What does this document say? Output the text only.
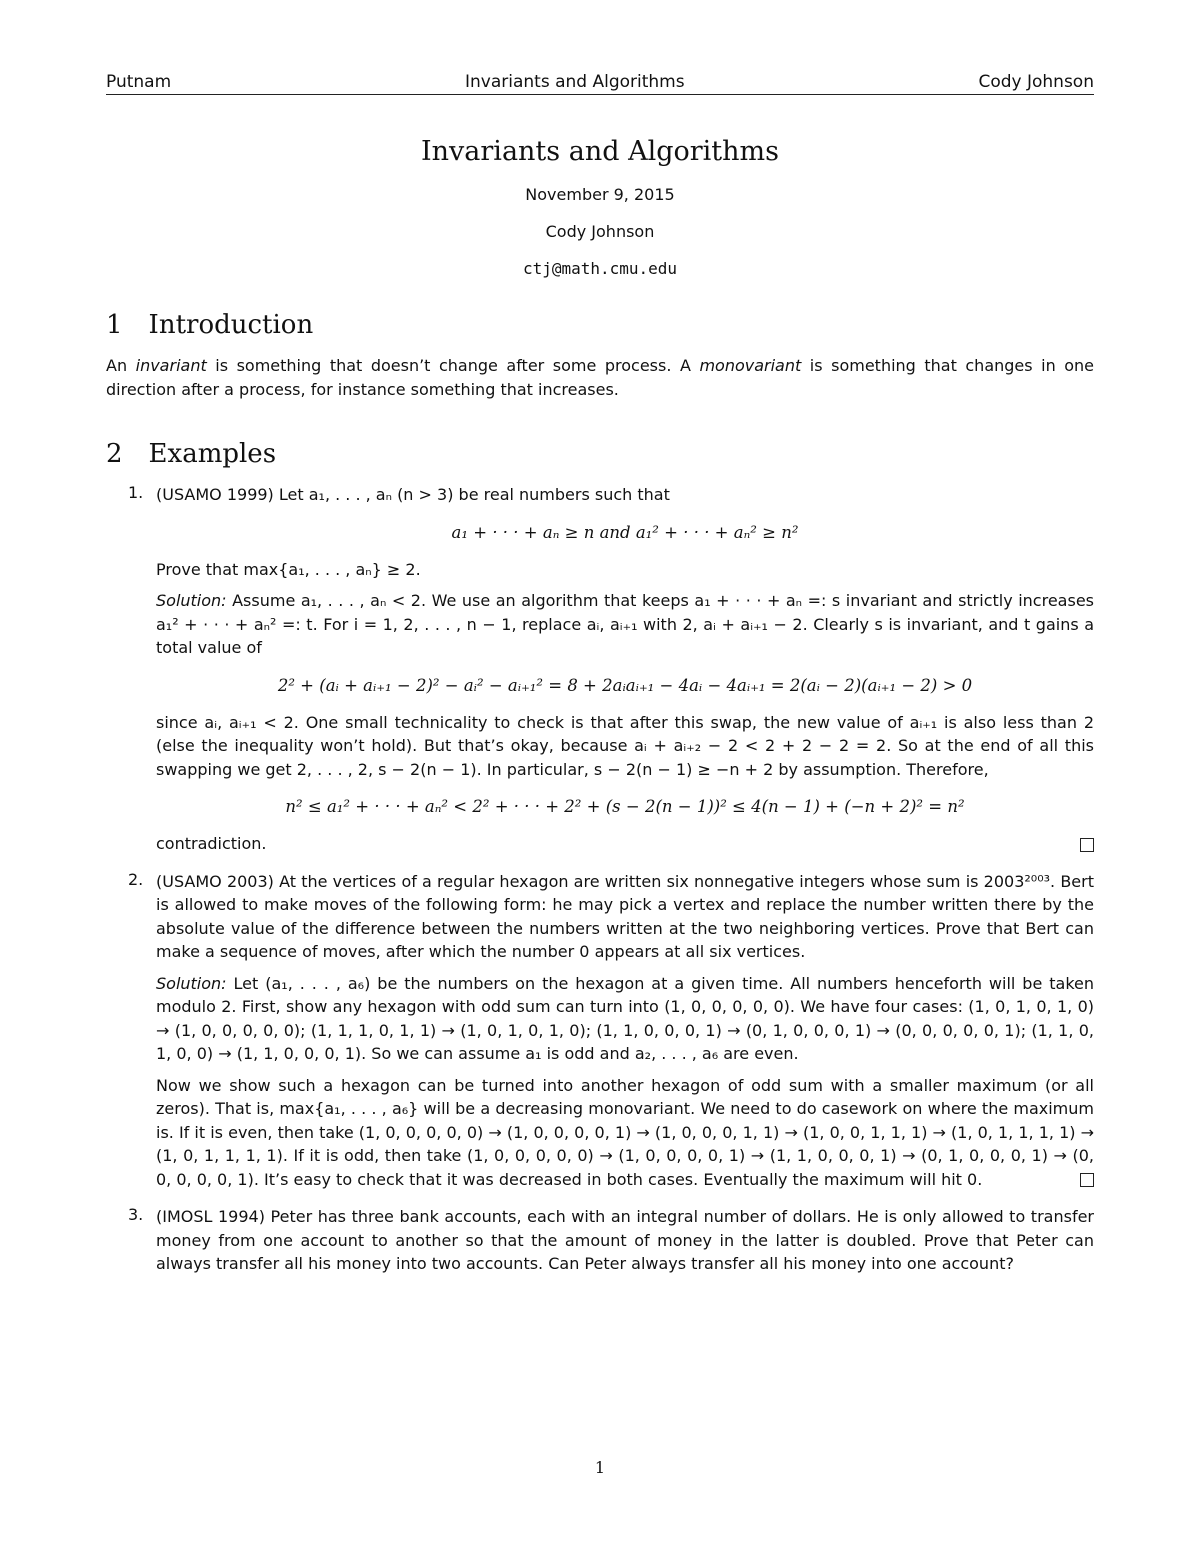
Putnam	Invariants and Algorithms	Cody Johnson
Invariants and Algorithms
November 9, 2015
Cody Johnson
ctj@math.cmu.edu
1 Introduction

An invariant is something that doesn’t change after some process. A monovariant is something that changes in one direction after a process, for instance something that increases.

2 Examples
1. (USAMO 1999) Let a₁, . . . , aₙ (n > 3) be real numbers such that

a₁ + · · · + aₙ ≥ n and a₁² + · · · + aₙ² ≥ n²

Prove that max{a₁, . . . , aₙ} ≥ 2.

Solution: Assume a₁, . . . , aₙ < 2. We use an algorithm that keeps a₁ + · · · + aₙ =: s invariant and strictly increases a₁² + · · · + aₙ² =: t. For i = 1, 2, . . . , n − 1, replace aᵢ, aᵢ₊₁ with 2, aᵢ + aᵢ₊₁ − 2. Clearly s is invariant, and t gains a total value of

2² + (aᵢ + aᵢ₊₁ − 2)² − aᵢ² − aᵢ₊₁² = 8 + 2aᵢaᵢ₊₁ − 4aᵢ − 4aᵢ₊₁ = 2(aᵢ − 2)(aᵢ₊₁ − 2) > 0

since aᵢ, aᵢ₊₁ < 2. One small technicality to check is that after this swap, the new value of aᵢ₊₁ is also less than 2 (else the inequality won’t hold). But that’s okay, because aᵢ + aᵢ₊₂ − 2 < 2 + 2 − 2 = 2. So at the end of all this swapping we get 2, . . . , 2, s − 2(n − 1). In particular, s − 2(n − 1) ≥ −n + 2 by assumption. Therefore,

n² ≤ a₁² + · · · + aₙ² < 2² + · · · + 2² + (s − 2(n − 1))² ≤ 4(n − 1) + (−n + 2)² = n²

contradiction.

2. (USAMO 2003) At the vertices of a regular hexagon are written six nonnegative integers whose sum is 2003²⁰⁰³. Bert is allowed to make moves of the following form: he may pick a vertex and replace the number written there by the absolute value of the difference between the numbers written at the two neighboring vertices. Prove that Bert can make a sequence of moves, after which the number 0 appears at all six vertices.

Solution: Let (a₁, . . . , a₆) be the numbers on the hexagon at a given time. All numbers henceforth will be taken modulo 2. First, show any hexagon with odd sum can turn into (1, 0, 0, 0, 0, 0). We have four cases: (1, 0, 1, 0, 1, 0) → (1, 0, 0, 0, 0, 0); (1, 1, 1, 0, 1, 1) → (1, 0, 1, 0, 1, 0); (1, 1, 0, 0, 0, 1) → (0, 1, 0, 0, 0, 1) → (0, 0, 0, 0, 0, 1); (1, 1, 0, 1, 0, 0) → (1, 1, 0, 0, 0, 1). So we can assume a₁ is odd and a₂, . . . , a₆ are even.

Now we show such a hexagon can be turned into another hexagon of odd sum with a smaller maximum (or all zeros). That is, max{a₁, . . . , a₆} will be a decreasing monovariant. We need to do casework on where the maximum is. If it is even, then take (1, 0, 0, 0, 0, 0) → (1, 0, 0, 0, 0, 1) → (1, 0, 0, 0, 1, 1) → (1, 0, 0, 1, 1, 1) → (1, 0, 1, 1, 1, 1) → (1, 0, 1, 1, 1, 1). If it is odd, then take (1, 0, 0, 0, 0, 0) → (1, 0, 0, 0, 0, 1) → (1, 1, 0, 0, 0, 1) → (0, 1, 0, 0, 0, 1) → (0, 0, 0, 0, 0, 1). It’s easy to check that it was decreased in both cases. Eventually the maximum will hit 0.

3. (IMOSL 1994) Peter has three bank accounts, each with an integral number of dollars. He is only allowed to transfer money from one account to another so that the amount of money in the latter is doubled. Prove that Peter can always transfer all his money into two accounts. Can Peter always transfer all his money into one account?

1
